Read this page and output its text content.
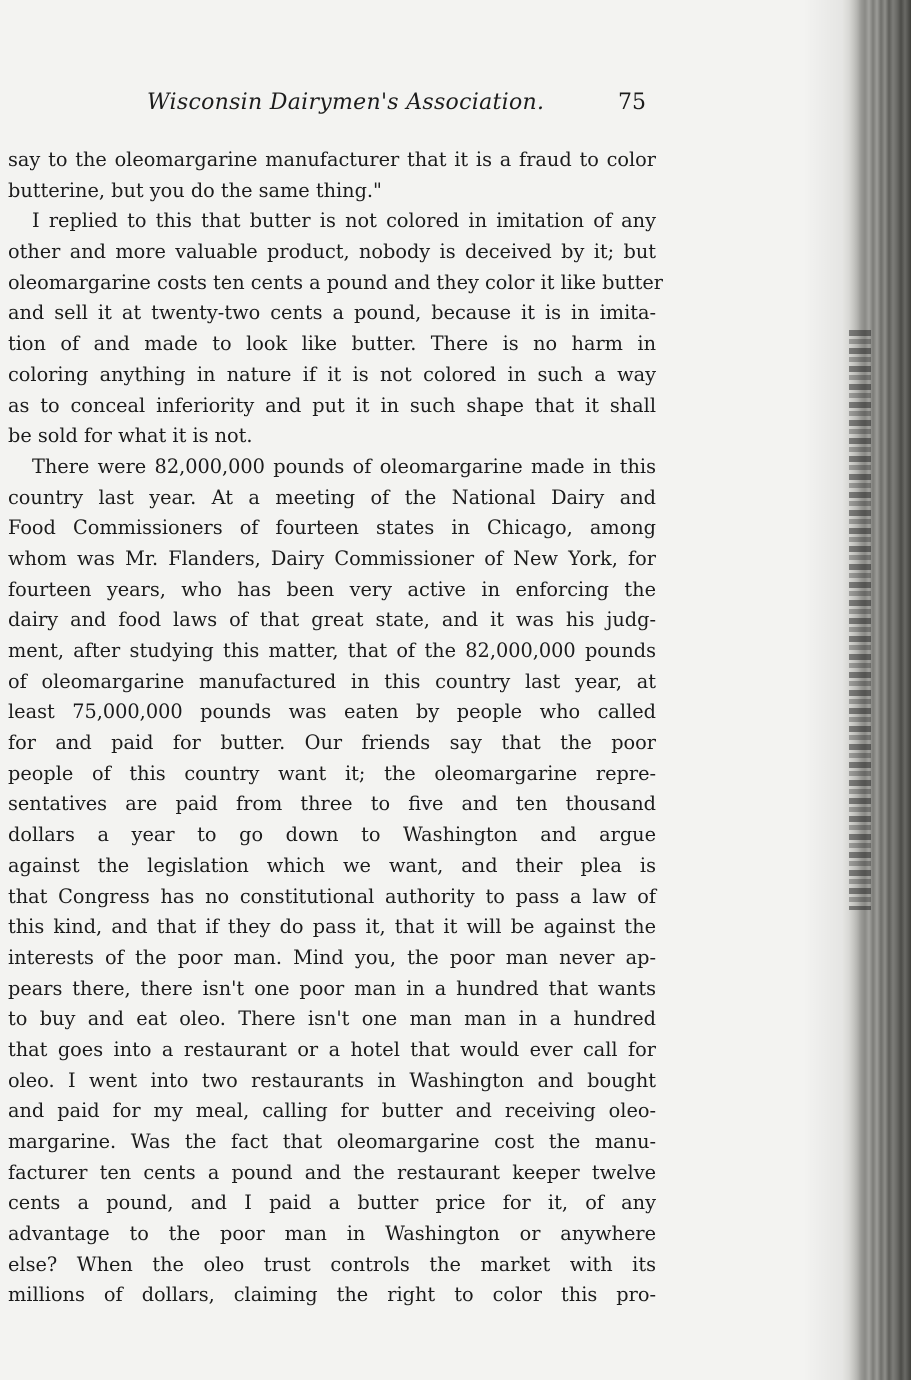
Wisconsin Dairymen's Association.	75
say to the oleomargarine manufacturer that it is a fraud to color
butterine, but you do the same thing."
I replied to this that butter is not colored in imitation of any
other and more valuable product, nobody is deceived by it; but
oleomargarine costs ten cents a pound and they color it like butter
and sell it at twenty-two cents a pound, because it is in imita-
tion of and made to look like butter. There is no harm in
coloring anything in nature if it is not colored in such a way
as to conceal inferiority and put it in such shape that it shall
be sold for what it is not.
There were 82,000,000 pounds of oleomargarine made in this
country last year. At a meeting of the National Dairy and
Food Commissioners of fourteen states in Chicago, among
whom was Mr. Flanders, Dairy Commissioner of New York, for
fourteen years, who has been very active in enforcing the
dairy and food laws of that great state, and it was his judg-
ment, after studying this matter, that of the 82,000,000 pounds
of oleomargarine manufactured in this country last year, at
least 75,000,000 pounds was eaten by people who called
for and paid for butter. Our friends say that the poor
people of this country want it; the oleomargarine repre-
sentatives are paid from three to five and ten thousand
dollars a year to go down to Washington and argue
against the legislation which we want, and their plea is
that Congress has no constitutional authority to pass a law of
this kind, and that if they do pass it, that it will be against the
interests of the poor man. Mind you, the poor man never ap-
pears there, there isn't one poor man in a hundred that wants
to buy and eat oleo. There isn't one man man in a hundred
that goes into a restaurant or a hotel that would ever call for
oleo. I went into two restaurants in Washington and bought
and paid for my meal, calling for butter and receiving oleo-
margarine. Was the fact that oleomargarine cost the manu-
facturer ten cents a pound and the restaurant keeper twelve
cents a pound, and I paid a butter price for it, of any
advantage to the poor man in Washington or anywhere
else? When the oleo trust controls the market with its
millions of dollars, claiming the right to color this pro-
